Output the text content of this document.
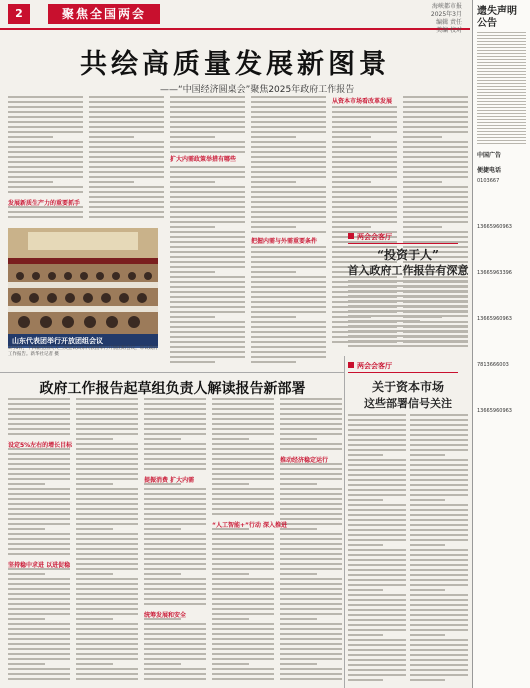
2	聚焦全国两会
海峡都市报
2025年3月
编辑 责任
美编 校对
共绘高质量发展新图景
——“中国经济圆桌会”聚焦2025年政府工作报告
发展新质生产力的重要抓手
扩大内需政策举措有哪些
把握内需与外需重要条件
从资本市场看改革发展
山东代表团举行开放团组会议
3月5日，十四届全国人大三次会议山东代表团举行开放团组会议，审议政府工作报告。新华社记者 摄
政府工作报告起草组负责人解读报告新部署
设定5%左右的增长目标
坚持稳中求进 以进促稳
提振消费 扩大内需
统筹发展和安全
“人工智能+”行动 深入推进
推动经济稳定运行
两会会客厅
“投资于人”
首入政府工作报告有深意
两会会客厅
关于资本市场
这些部署信号关注
遗失声明公告
中国广告
便捷电话
0103667
13665960963
13665963396
13665960963
7813666003
13665960963
